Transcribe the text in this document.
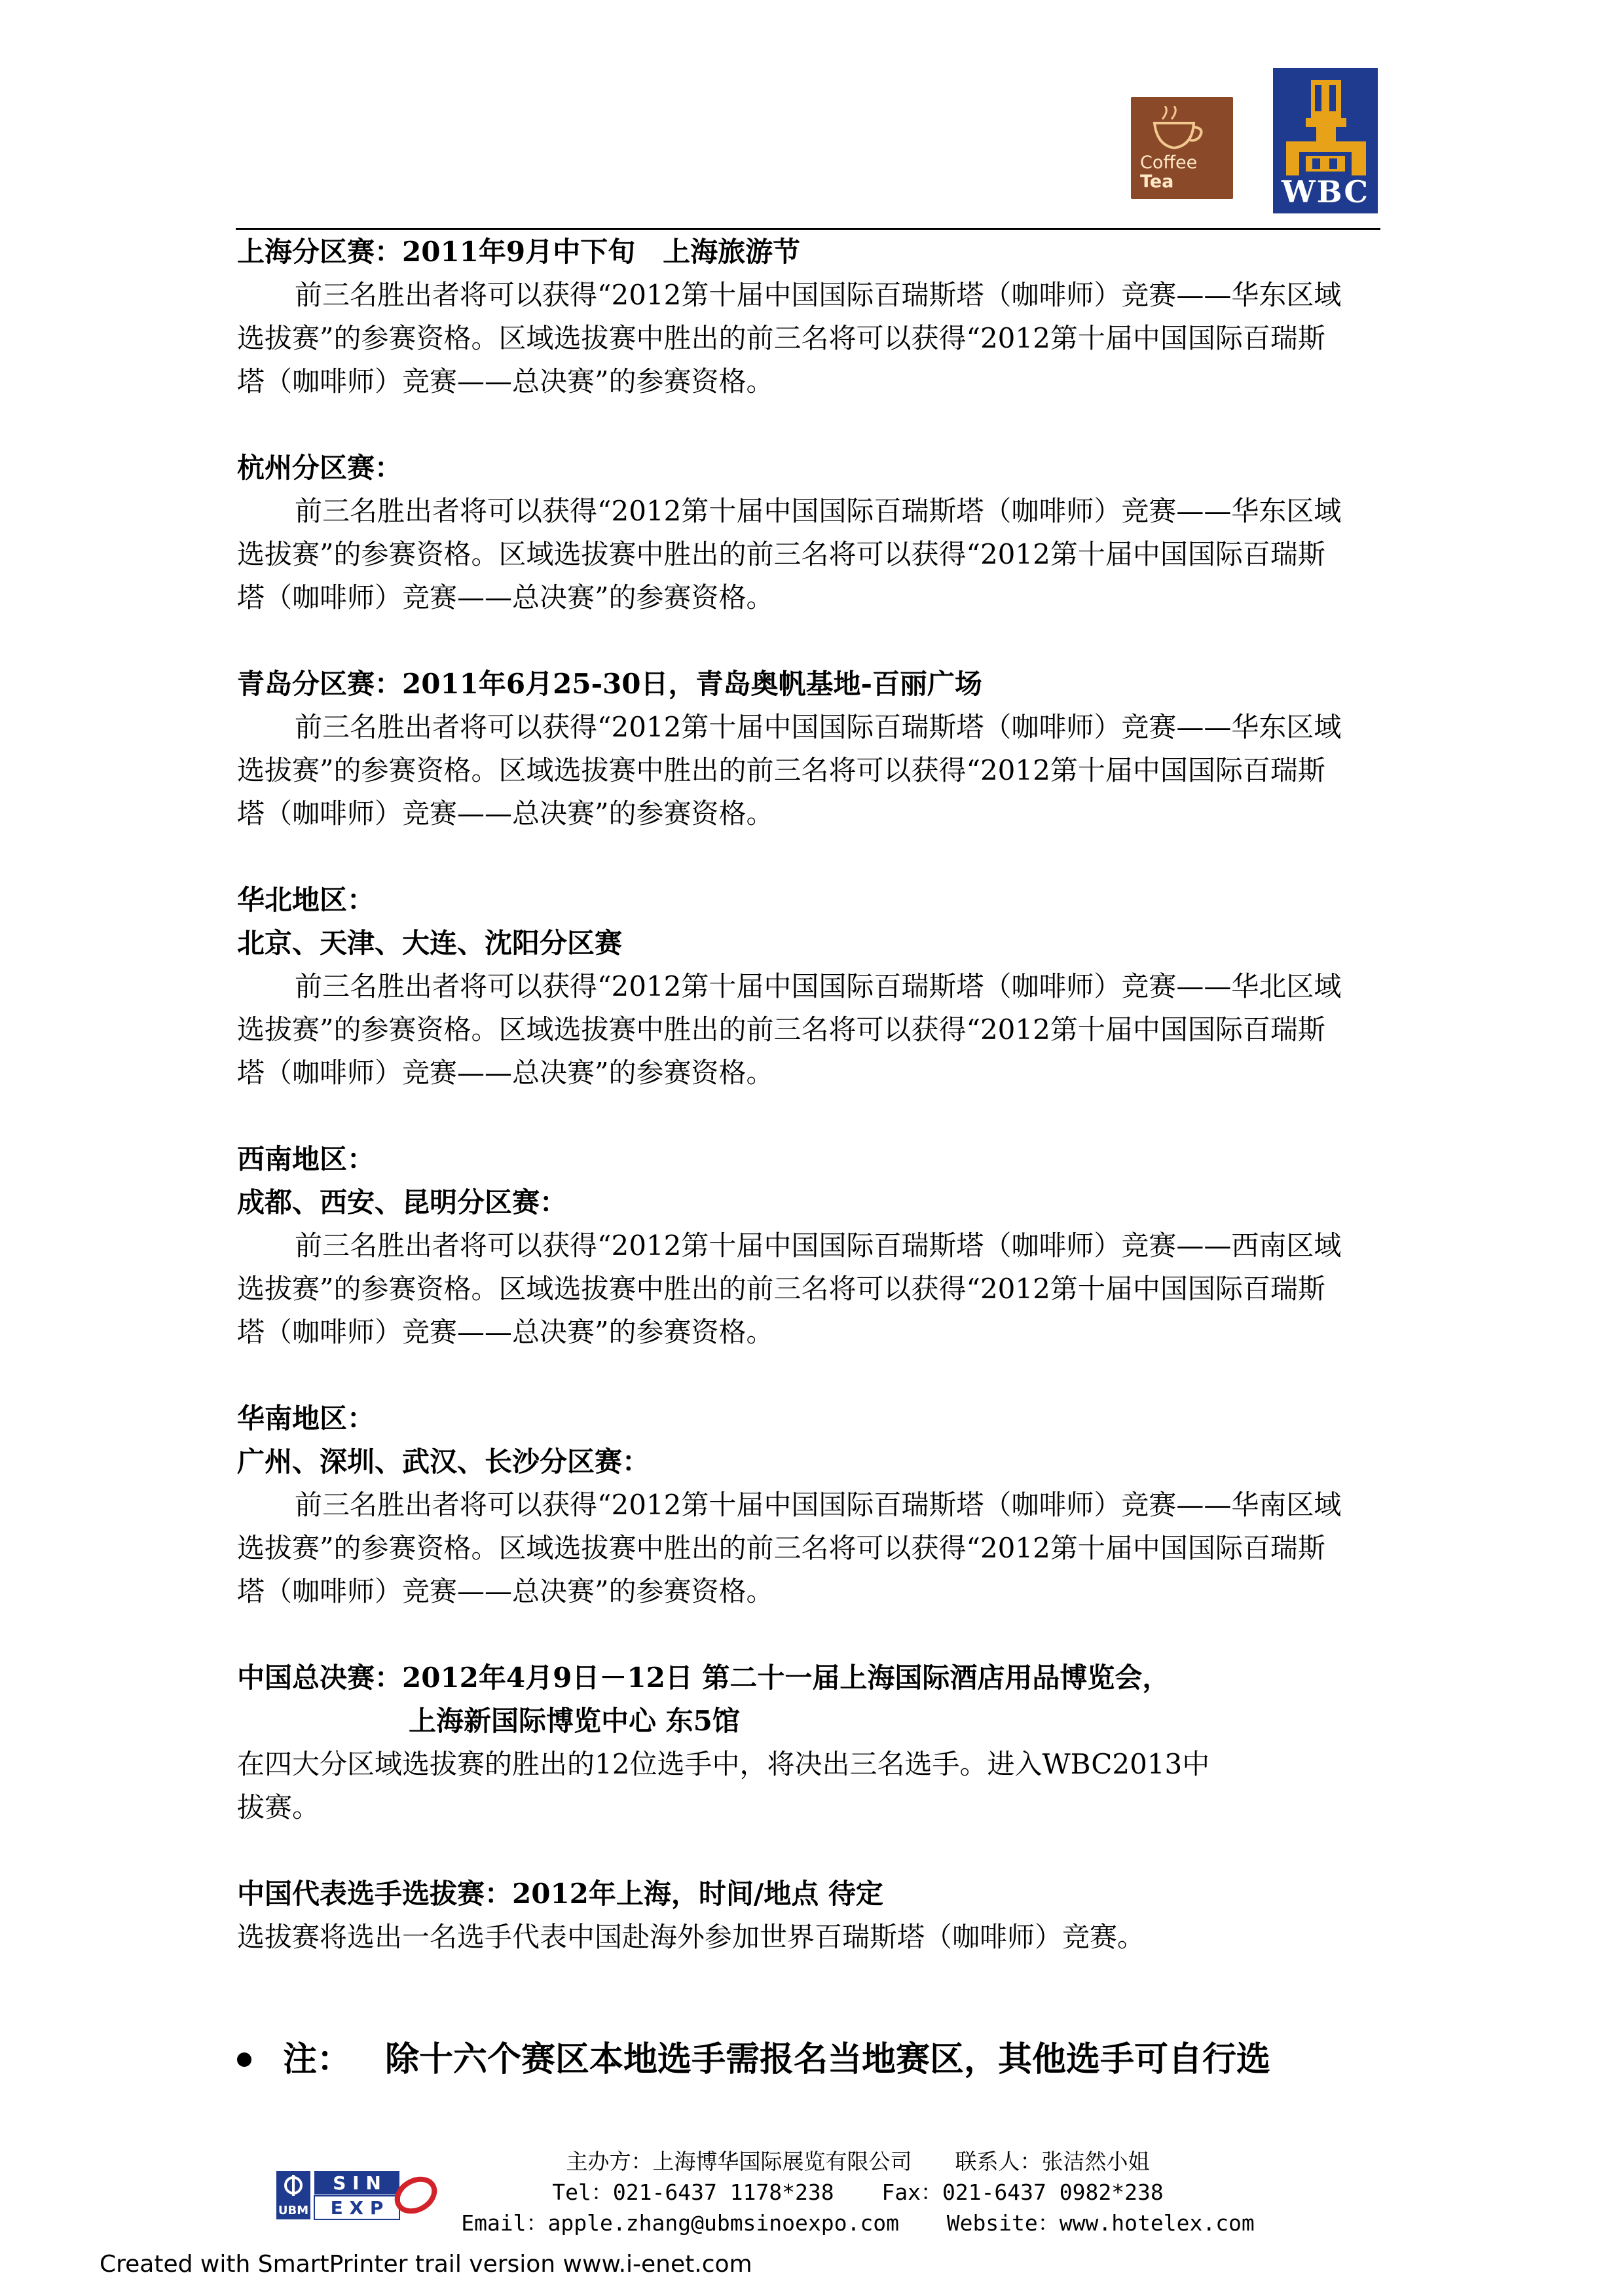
Coffee
Tea	WBC

上海分区赛：2011年9月中下旬　上海旅游节

前三名胜出者将可以获得“2012第十届中国国际百瑞斯塔（咖啡师）竞赛——华东区域

选拔赛”的参赛资格。区域选拔赛中胜出的前三名将可以获得“2012第十届中国国际百瑞斯

塔（咖啡师）竞赛——总决赛”的参赛资格。

杭州分区赛：

前三名胜出者将可以获得“2012第十届中国国际百瑞斯塔（咖啡师）竞赛——华东区域

选拔赛”的参赛资格。区域选拔赛中胜出的前三名将可以获得“2012第十届中国国际百瑞斯

塔（咖啡师）竞赛——总决赛”的参赛资格。

青岛分区赛：2011年6月25-30日，青岛奥帆基地-百丽广场

前三名胜出者将可以获得“2012第十届中国国际百瑞斯塔（咖啡师）竞赛——华东区域

选拔赛”的参赛资格。区域选拔赛中胜出的前三名将可以获得“2012第十届中国国际百瑞斯

塔（咖啡师）竞赛——总决赛”的参赛资格。

华北地区：

北京、天津、大连、沈阳分区赛

前三名胜出者将可以获得“2012第十届中国国际百瑞斯塔（咖啡师）竞赛——华北区域

选拔赛”的参赛资格。区域选拔赛中胜出的前三名将可以获得“2012第十届中国国际百瑞斯

塔（咖啡师）竞赛——总决赛”的参赛资格。

西南地区：

成都、西安、昆明分区赛：

前三名胜出者将可以获得“2012第十届中国国际百瑞斯塔（咖啡师）竞赛——西南区域

选拔赛”的参赛资格。区域选拔赛中胜出的前三名将可以获得“2012第十届中国国际百瑞斯

塔（咖啡师）竞赛——总决赛”的参赛资格。

华南地区：

广州、深圳、武汉、长沙分区赛：

前三名胜出者将可以获得“2012第十届中国国际百瑞斯塔（咖啡师）竞赛——华南区域

选拔赛”的参赛资格。区域选拔赛中胜出的前三名将可以获得“2012第十届中国国际百瑞斯

塔（咖啡师）竞赛——总决赛”的参赛资格。

中国总决赛：2012年4月9日－12日 第二十一届上海国际酒店用品博览会，

上海新国际博览中心 东5馆

在四大分区域选拔赛的胜出的12位选手中，将决出三名选手。进入WBC2013中

拔赛。

中国代表选手选拔赛：2012年上海，时间/地点 待定

选拔赛将选出一名选手代表中国赴海外参加世界百瑞斯塔（咖啡师）竞赛。

注： 除十六个赛区本地选手需报名当地赛区，其他选手可自行选
UBM
S I N
E X P
主办方：上海博华国际展览有限公司　　联系人：张洁然小姐
Tel：021-6437 1178*238　  Fax：021-6437 0982*238
Email：apple.zhang@ubmsinoexpo.com　  Website：www.hotelex.com
Created with SmartPrinter trail version www.i-enet.com
